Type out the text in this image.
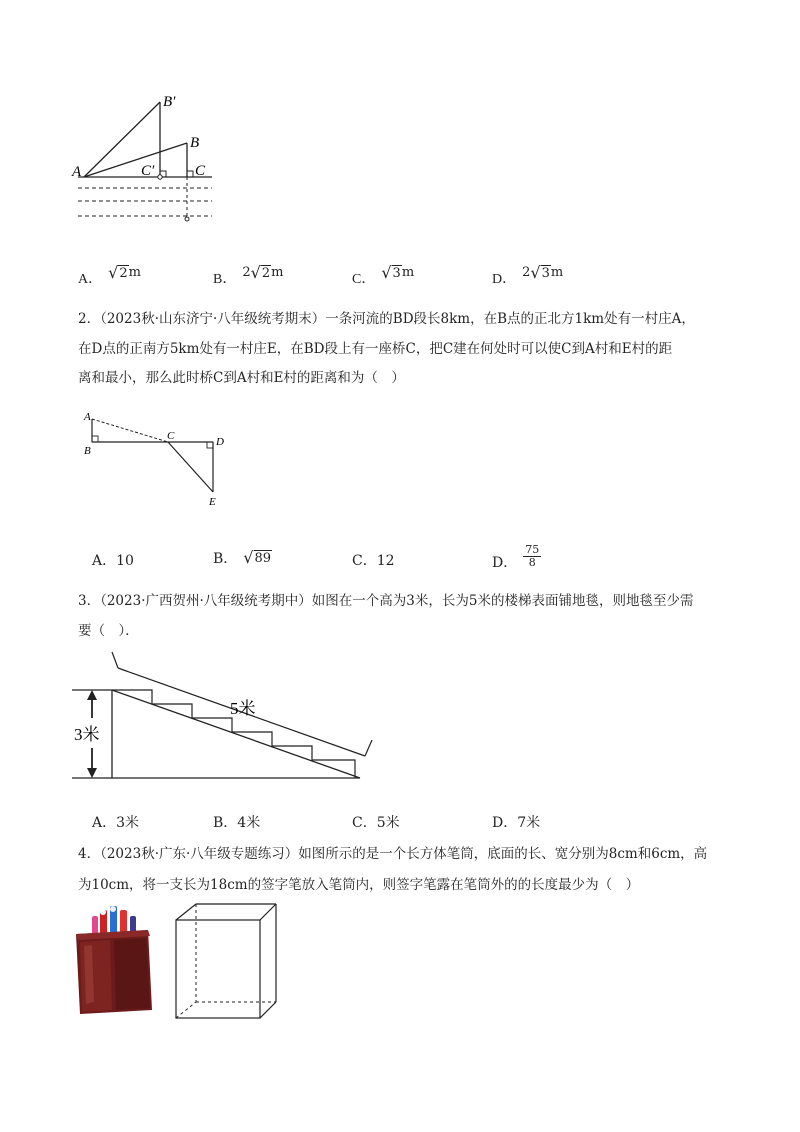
B′
B
A	C′	C
A． √ 2 m	B． 2 √ 2 m	C． √ 3 m	D． 2 √ 3 m
2．（2023秋·山东济宁·八年级统考期末）一条河流的BD段长8km，在B点的正北方1km处有一村庄A，
在D点的正南方5km处有一村庄E，在BD段上有一座桥C，把C建在何处时可以使C到A村和E村的距
离和最小，那么此时桥C到A村和E村的距离和为（　）
A
B
C	D
E
A．10	B． √ 89	C．12	D． $\frac{75}{8}$
3．（2023·广西贺州·八年级统考期中）如图在一个高为3米，长为5米的楼梯表面铺地毯，则地毯至少需
要（　）．
3米
5米
A．3米	B．4米	C．5米	D．7米
4．（2023秋·广东·八年级专题练习）如图所示的是一个长方体笔筒，底面的长、宽分别为8cm和6cm，高
为10cm，将一支长为18cm的签字笔放入笔筒内，则签字笔露在笔筒外的的长度最少为（　）
